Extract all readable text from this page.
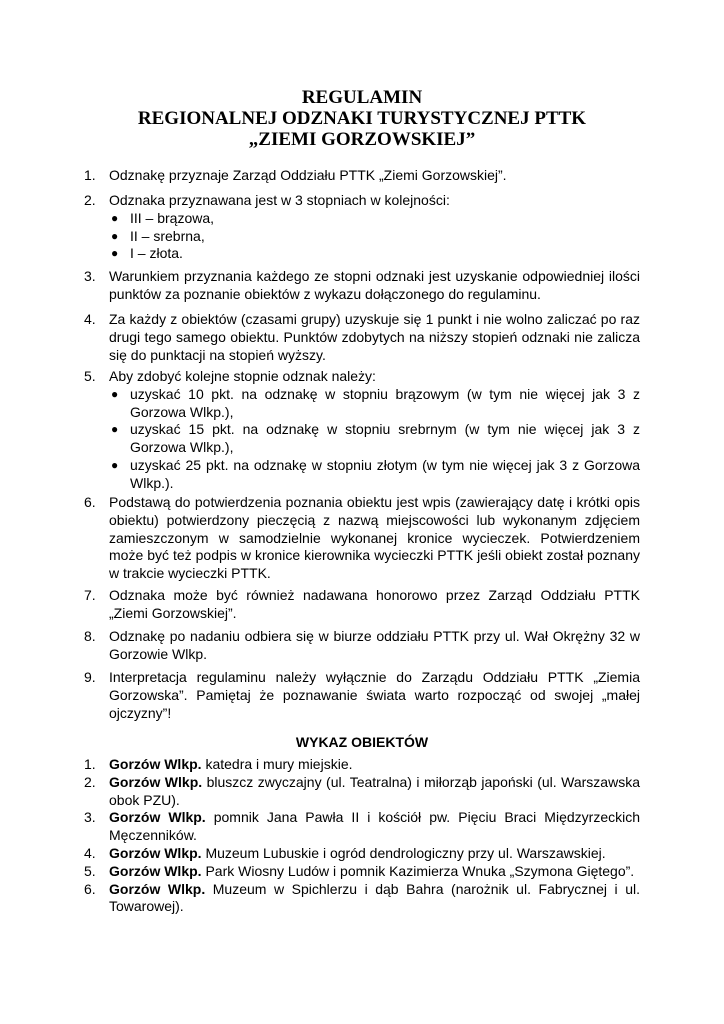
REGULAMIN
REGIONALNEJ ODZNAKI TURYSTYCZNEJ PTTK
„ZIEMI GORZOWSKIEJ”
1. Odznakę przyznaje Zarząd Oddziału PTTK „Ziemi Gorzowskiej”.
2. Odznaka przyznawana jest w 3 stopniach w kolejności:
● III – brązowa,
● II – srebrna,
● I – złota.
3. Warunkiem przyznania każdego ze stopni odznaki jest uzyskanie odpowiedniej ilości punktów za poznanie obiektów z wykazu dołączonego do regulaminu.
4. Za każdy z obiektów (czasami grupy) uzyskuje się 1 punkt i nie wolno zaliczać po raz drugi tego samego obiektu. Punktów zdobytych na niższy stopień odznaki nie zalicza się do punktacji na stopień wyższy.
5. Aby zdobyć kolejne stopnie odznak należy:
● uzyskać 10 pkt. na odznakę w stopniu brązowym (w tym nie więcej jak 3 z Gorzowa Wlkp.),
● uzyskać 15 pkt. na odznakę w stopniu srebrnym (w tym nie więcej jak 3 z Gorzowa Wlkp.),
● uzyskać 25 pkt. na odznakę w stopniu złotym (w tym nie więcej jak 3 z Gorzowa Wlkp.).
6. Podstawą do potwierdzenia poznania obiektu jest wpis (zawierający datę i krótki opis obiektu) potwierdzony pieczęcią z nazwą miejscowości lub wykonanym zdjęciem zamieszczonym w samodzielnie wykonanej kronice wycieczek. Potwierdzeniem może być też podpis w kronice kierownika wycieczki PTTK jeśli obiekt został poznany w trakcie wycieczki PTTK.
7. Odznaka może być również nadawana honorowo przez Zarząd Oddziału PTTK „Ziemi Gorzowskiej”.
8. Odznakę po nadaniu odbiera się w biurze oddziału PTTK przy ul. Wał Okrężny 32 w Gorzowie Wlkp.
9. Interpretacja regulaminu należy wyłącznie do Zarządu Oddziału PTTK „Ziemia Gorzowska”. Pamiętaj że poznawanie świata warto rozpocząć od swojej „małej ojczyzny”!
WYKAZ OBIEKTÓW
1. Gorzów Wlkp. katedra i mury miejskie.
2. Gorzów Wlkp. bluszcz zwyczajny (ul. Teatralna) i miłorząb japoński (ul. Warszawska obok PZU).
3. Gorzów Wlkp. pomnik Jana Pawła II i kościół pw. Pięciu Braci Międzyrzeckich Męczenników.
4. Gorzów Wlkp. Muzeum Lubuskie i ogród dendrologiczny przy ul. Warszawskiej.
5. Gorzów Wlkp. Park Wiosny Ludów i pomnik Kazimierza Wnuka „Szymona Giętego”.
6. Gorzów Wlkp. Muzeum w Spichlerzu i dąb Bahra (narożnik ul. Fabrycznej i ul. Towarowej).
